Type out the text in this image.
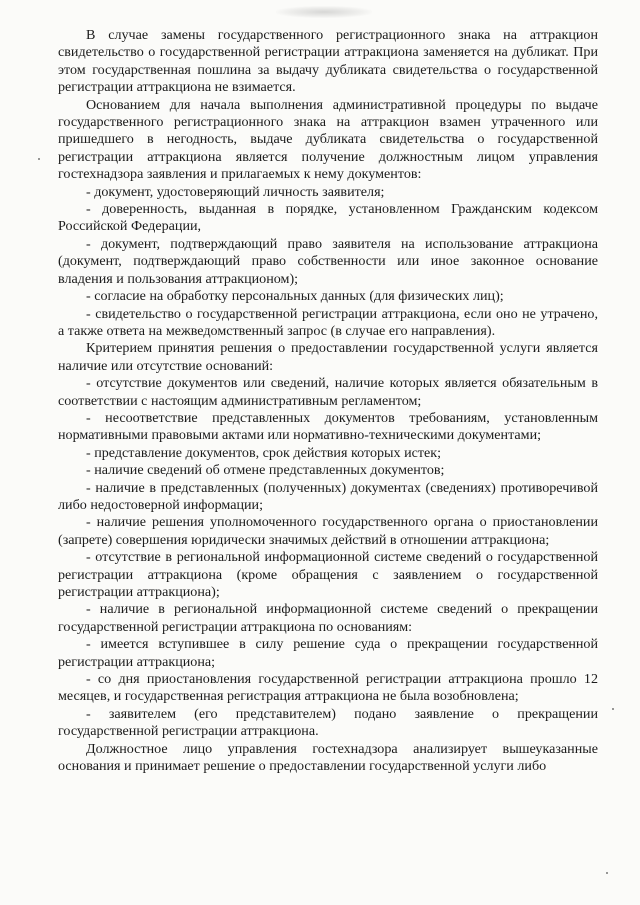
В случае замены государственного регистрационного знака на аттракцион свидетельство о государственной регистрации аттракциона заменяется на дубликат. При этом государственная пошлина за выдачу дубликата свидетельства о государственной регистрации аттракциона не взимается.

Основанием для начала выполнения административной процедуры по выдаче государственного регистрационного знака на аттракцион взамен утраченного или пришедшего в негодность, выдаче дубликата свидетельства о государственной регистрации аттракциона является получение должностным лицом управления гостехнадзора заявления и прилагаемых к нему документов:

- документ, удостоверяющий личность заявителя;

- доверенность, выданная в порядке, установленном Гражданским кодексом Российской Федерации,

- документ, подтверждающий право заявителя на использование аттракциона (документ, подтверждающий право собственности или иное законное основание владения и пользования аттракционом);

- согласие на обработку персональных данных (для физических лиц);

- свидетельство о государственной регистрации аттракциона, если оно не утрачено, а также ответа на межведомственный запрос (в случае его направления).

Критерием принятия решения о предоставлении государственной услуги является наличие или отсутствие оснований:

- отсутствие документов или сведений, наличие которых является обязательным в соответствии с настоящим административным регламентом;

- несоответствие представленных документов требованиям, установленным нормативными правовыми актами или нормативно-техническими документами;

- представление документов, срок действия которых истек;

- наличие сведений об отмене представленных документов;

- наличие в представленных (полученных) документах (сведениях) противоречивой либо недостоверной информации;

- наличие решения уполномоченного государственного органа о приостановлении (запрете) совершения юридически значимых действий в отношении аттракциона;

- отсутствие в региональной информационной системе сведений о государственной регистрации аттракциона (кроме обращения с заявлением о государственной регистрации аттракциона);

- наличие в региональной информационной системе сведений о прекращении государственной регистрации аттракциона по основаниям:

- имеется вступившее в силу решение суда о прекращении государственной регистрации аттракциона;

- со дня приостановления государственной регистрации аттракциона прошло 12 месяцев, и государственная регистрация аттракциона не была возобновлена;

- заявителем (его представителем) подано заявление о прекращении государственной регистрации аттракциона.

Должностное лицо управления гостехнадзора анализирует вышеуказанные основания и принимает решение о предоставлении государственной услуги либо
